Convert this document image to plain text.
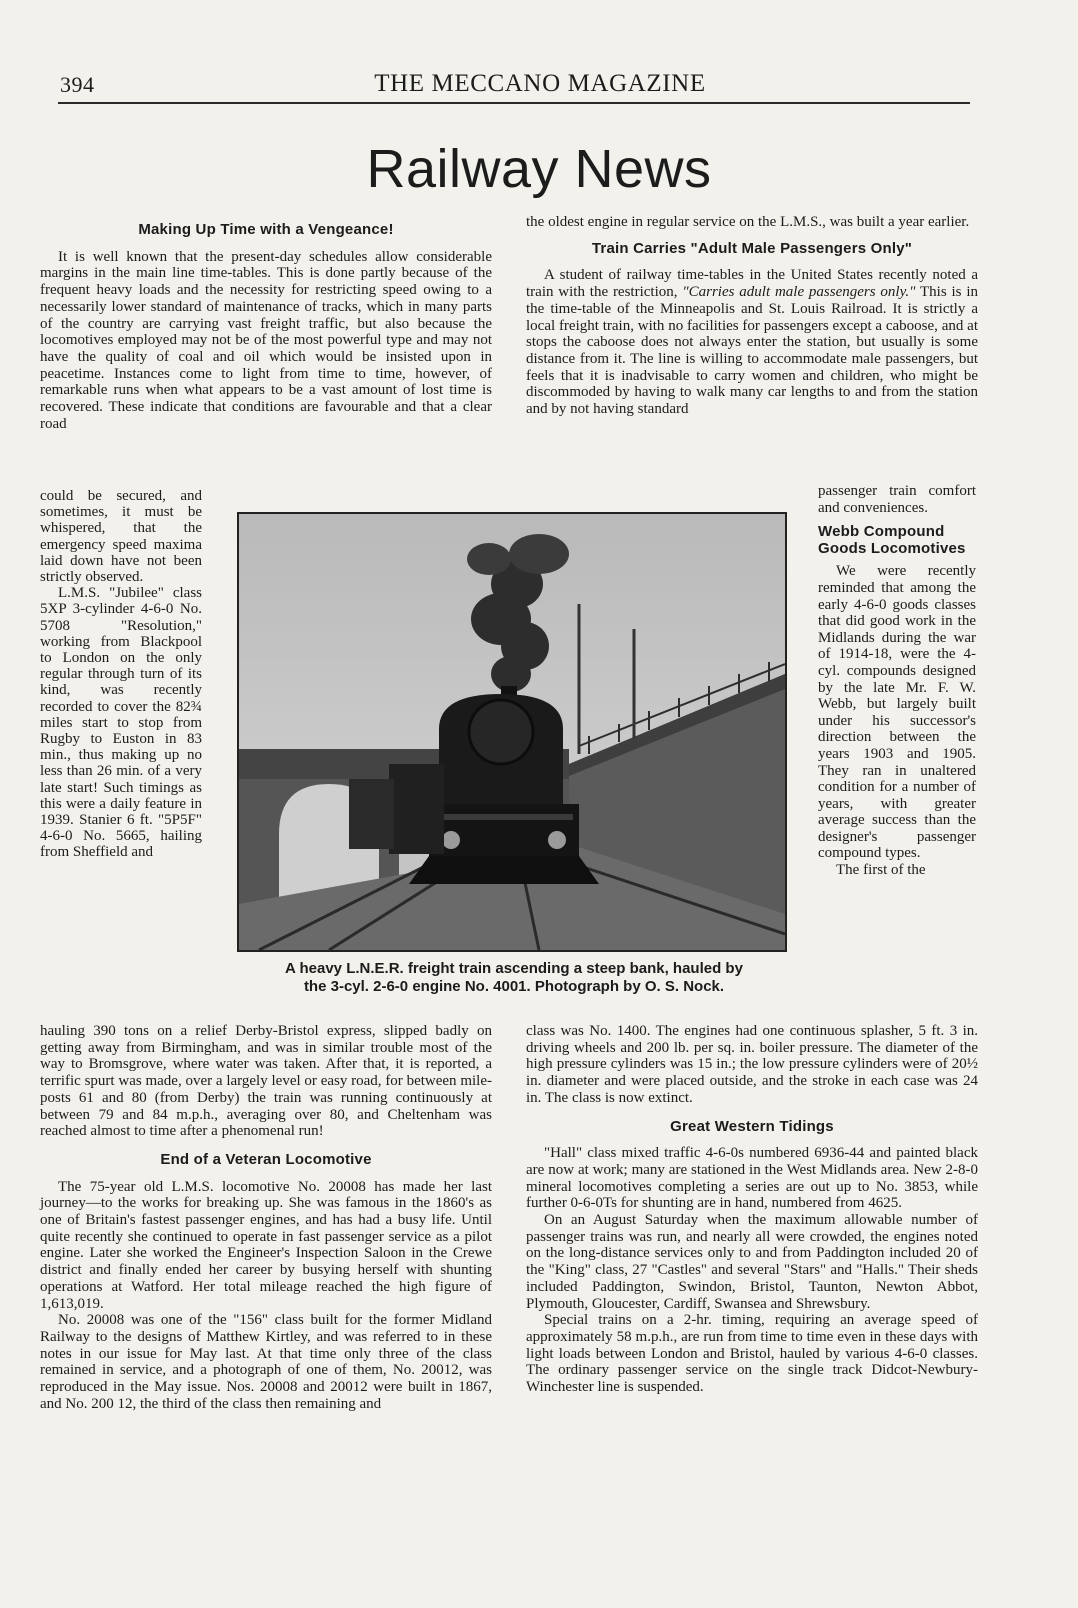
394	THE MECCANO MAGAZINE
Railway News
Making Up Time with a Vengeance!

It is well known that the present-day schedules allow considerable margins in the main line time-tables. This is done partly because of the frequent heavy loads and the necessity for restricting speed owing to a necessarily lower standard of maintenance of tracks, which in many parts of the country are carrying vast freight traffic, but also because the locomotives employed may not be of the most powerful type and may not have the quality of coal and oil which would be insisted upon in peacetime. Instances come to light from time to time, however, of remarkable runs when what appears to be a vast amount of lost time is recovered. These indicate that conditions are favourable and that a clear road

could be secured, and sometimes, it must be whispered, that the emergency speed maxima laid down have not been strictly observed.

L.M.S. "Jubilee" class 5XP 3-cylinder 4-6-0 No. 5708 "Resolution," working from Blackpool to London on the only regular through turn of its kind, was recently recorded to cover the 82¾ miles start to stop from Rugby to Euston in 83 min., thus making up no less than 26 min. of a very late start! Such timings as this were a daily feature in 1939. Stanier 6 ft. "5P5F" 4-6-0 No. 5665, hailing from Sheffield and

hauling 390 tons on a relief Derby-Bristol express, slipped badly on getting away from Birmingham, and was in similar trouble most of the way to Bromsgrove, where water was taken. After that, it is reported, a terrific spurt was made, over a largely level or easy road, for between mile-posts 61 and 80 (from Derby) the train was running continuously at between 79 and 84 m.p.h., averaging over 80, and Cheltenham was reached almost to time after a phenomenal run!

End of a Veteran Locomotive

The 75-year old L.M.S. locomotive No. 20008 has made her last journey—to the works for breaking up. She was famous in the 1860's as one of Britain's fastest passenger engines, and has had a busy life. Until quite recently she continued to operate in fast passenger service as a pilot engine. Later she worked the Engineer's Inspection Saloon in the Crewe district and finally ended her career by busying herself with shunting operations at Watford. Her total mileage reached the high figure of 1,613,019.

No. 20008 was one of the "156" class built for the former Midland Railway to the designs of Matthew Kirtley, and was referred to in these notes in our issue for May last. At that time only three of the class remained in service, and a photograph of one of them, No. 20012, was reproduced in the May issue. Nos. 20008 and 20012 were built in 1867, and No. 200 12, the third of the class then remaining and

the oldest engine in regular service on the L.M.S., was built a year earlier.

Train Carries "Adult Male Passengers Only"

A student of railway time-tables in the United States recently noted a train with the restriction, "Carries adult male passengers only." This is in the time-table of the Minneapolis and St. Louis Railroad. It is strictly a local freight train, with no facilities for passengers except a caboose, and at stops the caboose does not always enter the station, but usually is some distance from it. The line is willing to accommodate male passengers, but feels that it is inadvisable to carry women and children, who might be discommoded by having to walk many car lengths to and from the station and by not having standard

passenger train comfort and conveniences.

Webb Compound Goods Locomotives

We were recently reminded that among the early 4-6-0 goods classes that did good work in the Midlands during the war of 1914-18, were the 4-cyl. compounds designed by the late Mr. F. W. Webb, but largely built under his successor's direction between the years 1903 and 1905. They ran in unaltered condition for a number of years, with greater average success than the designer's passenger compound types.

The first of the

class was No. 1400. The engines had one continuous splasher, 5 ft. 3 in. driving wheels and 200 lb. per sq. in. boiler pressure. The diameter of the high pressure cylinders was 15 in.; the low pressure cylinders were of 20½ in. diameter and were placed outside, and the stroke in each case was 24 in. The class is now extinct.

Great Western Tidings

"Hall" class mixed traffic 4-6-0s numbered 6936-44 and painted black are now at work; many are stationed in the West Midlands area. New 2-8-0 mineral locomotives completing a series are out up to No. 3853, while further 0-6-0Ts for shunting are in hand, numbered from 4625.

On an August Saturday when the maximum allowable number of passenger trains was run, and nearly all were crowded, the engines noted on the long-distance services only to and from Paddington included 20 of the "King" class, 27 "Castles" and several "Stars" and "Halls." Their sheds included Paddington, Swindon, Bristol, Taunton, Newton Abbot, Plymouth, Gloucester, Cardiff, Swansea and Shrewsbury.

Special trains on a 2-hr. timing, requiring an average speed of approximately 58 m.p.h., are run from time to time even in these days with light loads between London and Bristol, hauled by various 4-6-0 classes. The ordinary passenger service on the single track Didcot-Newbury-Winchester line is suspended.

A heavy L.N.E.R. freight train ascending a steep bank, hauled by
the 3-cyl. 2-6-0 engine No. 4001. Photograph by O. S. Nock.
